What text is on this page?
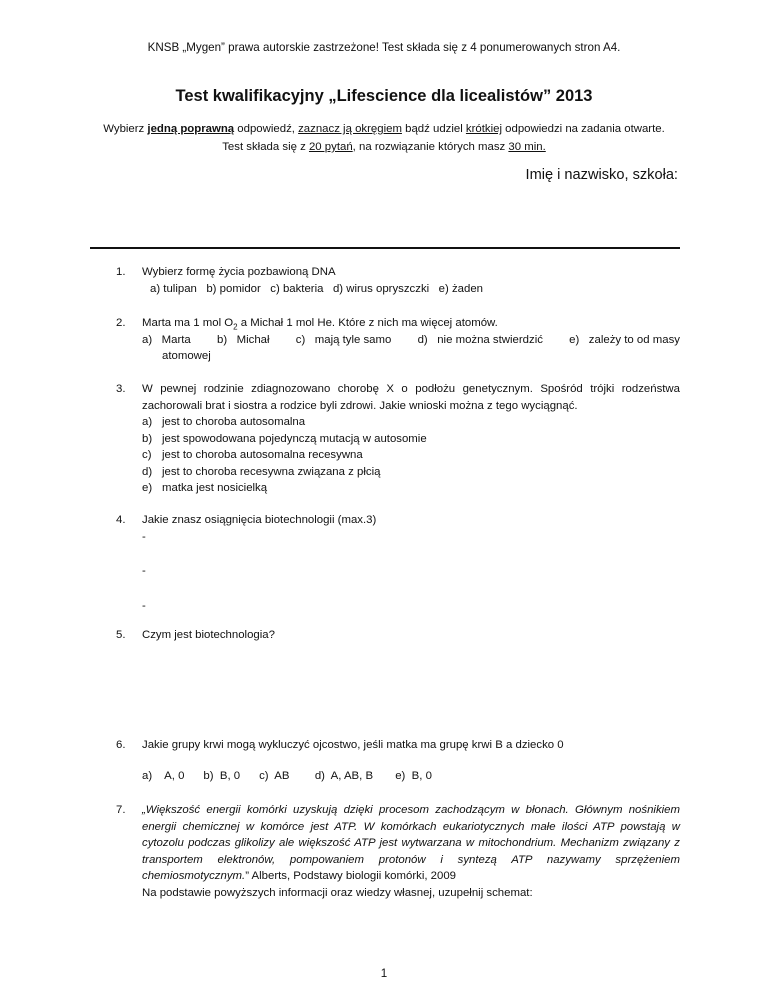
KNSB „Mygen” prawa autorskie zastrzeżone! Test składa się z 4 ponumerowanych stron A4.
Test kwalifikacyjny „Lifescience dla licealistów” 2013
Wybierz jedną poprawną odpowiedź, zaznacz ją okręgiem bądź udziel krótkiej odpowiedzi na zadania otwarte.
Test składa się z 20 pytań, na rozwiązanie których masz 30 min.
Imię i nazwisko, szkoła:
1. Wybierz formę życia pozbawioną DNA
a) tulipan   b) pomidor   c) bakteria   d) wirus opryszczki   e) żaden
2. Marta ma 1 mol $O_2$ a Michał 1 mol He. Które z nich ma więcej atomów.
a)   Marta b)   Michał c)   mają tyle samo d)   nie można stwierdzić e)   zależy to od masy
atomowej
3. W pewnej rodzinie zdiagnozowano chorobę X o podłożu genetycznym. Spośród trójki rodzeństwa zachorowali brat i siostra a rodzice byli zdrowi. Jakie wnioski można z tego wyciągnąć.
a) jest to choroba autosomalna
b) jest spowodowana pojedynczą mutacją w autosomie
c) jest to choroba autosomalna recesywna
d) jest to choroba recesywna związana z płcią
e) matka jest nosicielką
4. Jakie znasz osiągnięcia biotechnologii (max.3)
-
-
-
5. Czym jest biotechnologia?
6. Jakie grupy krwi mogą wykluczyć ojcostwo, jeśli matka ma grupę krwi B a dziecko 0
a)    A, 0      b)  B, 0      c)  AB        d)  A, AB, B       e)  B, 0
7. „Większość energii komórki uzyskują dzięki procesom zachodzącym w błonach. Głównym nośnikiem energii chemicznej w komórce jest ATP. W komórkach eukariotycznych małe ilości ATP powstają w cytozolu podczas glikolizy ale większość ATP jest wytwarzana w mitochondrium. Mechanizm związany z transportem elektronów, pompowaniem protonów i syntezą ATP nazywamy sprzężeniem chemiosmotycznym.” Alberts, Podstawy biologii komórki, 2009
Na podstawie powyższych informacji oraz wiedzy własnej, uzupełnij schemat:
1
